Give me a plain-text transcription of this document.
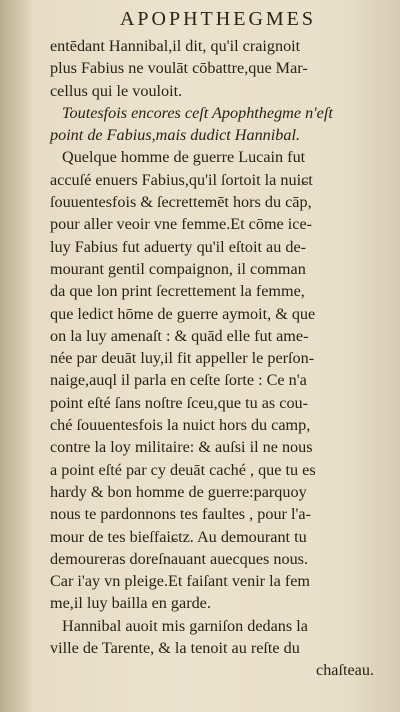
APOPHTHEGMES
entēdant Hannibal,il dit, qu'il craignoit
plus Fabius ne voulāt cōbattre,que Mar-
cellus qui le vouloit.
Toutesfois encores ceſt Apophthegme n'eſt
point de Fabius,mais dudict Hannibal.
Quelque homme de guerre Lucain fut
accuſé enuers Fabius,qu'il ſortoit la nuiɕt
ſouuentesfois & ſecrettemēt hors du cāp,
pour aller veoir vne femme.Et cōme ice-
luy Fabius fut aduerty qu'il eſtoit au de-
mourant gentil compaignon, il comman
da que lon print ſecrettement la femme,
que ledict hōme de guerre aymoit, & que
on la luy amenaſt : & quād elle fut ame-
née par deuāt luy,il fit appeller le perſon-
naige,auql il parla en ceſte ſorte : Ce n'a
point eſté ſans noſtre ſceu,que tu as cou-
ché ſouuentesfois la nuict hors du camp,
contre la loy militaire: & auſsi il ne nous
a point eſté par cy deuāt caché , que tu es
hardy & bon homme de guerre:parquoy
nous te pardonnons tes faultes , pour l'a-
mour de tes bieſfaiɕtz. Au demourant tu
demoureras doreſnauant auecques nous.
Car i'ay vn pleige.Et faiſant venir la fem
me,il luy bailla en garde.
Hannibal auoit mis garniſon dedans la
ville de Tarente, & la tenoit au reſte du
chaſteau.
